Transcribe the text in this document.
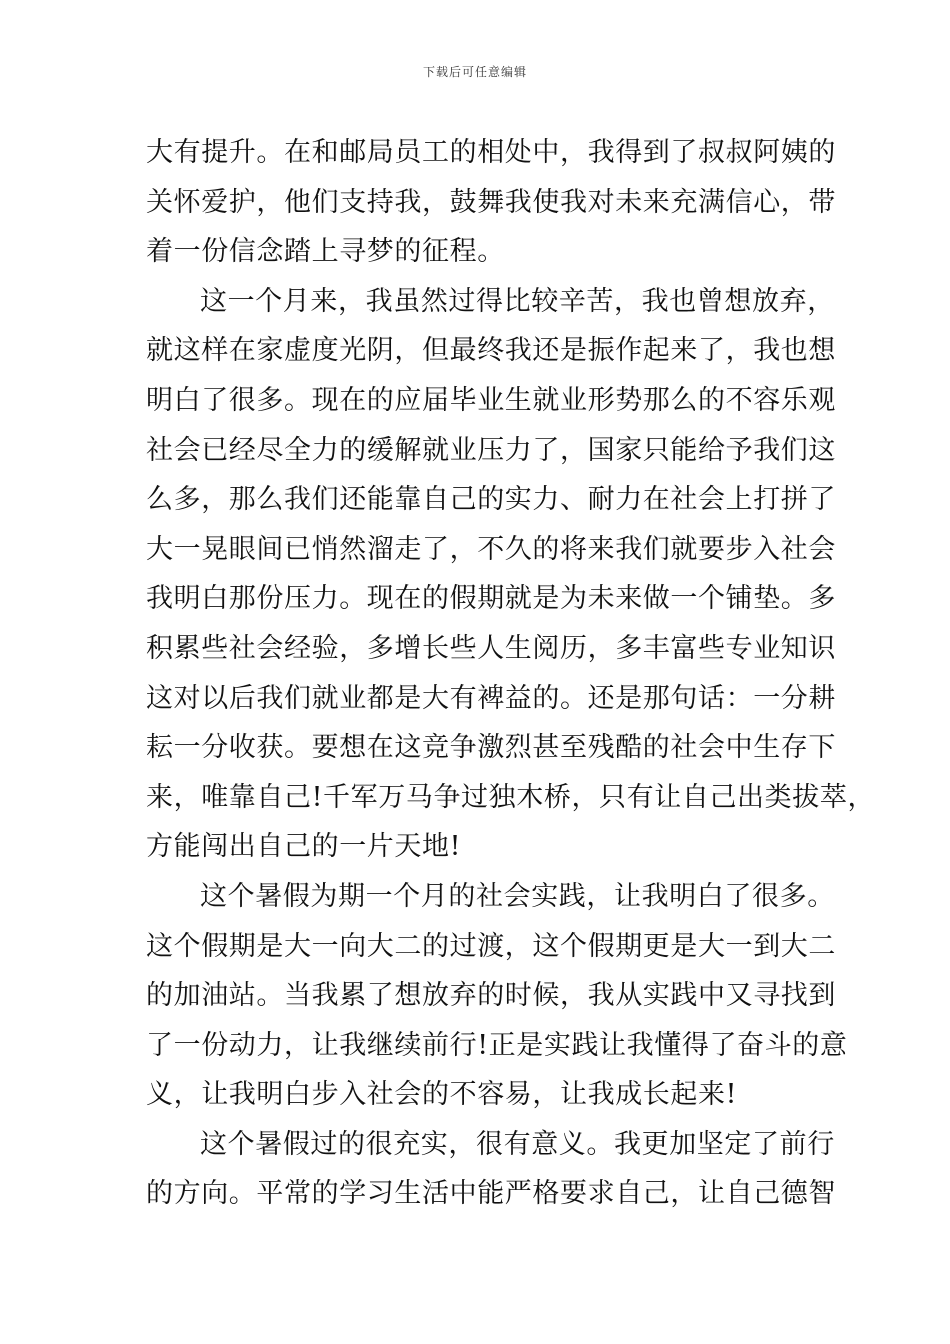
下载后可任意编辑
大有提升。在和邮局员工的相处中，我得到了叔叔阿姨的
关怀爱护，他们支持我，鼓舞我使我对未来充满信心，带
着一份信念踏上寻梦的征程。
这一个月来，我虽然过得比较辛苦，我也曾想放弃，
就这样在家虚度光阴，但最终我还是振作起来了，我也想
明白了很多。现在的应届毕业生就业形势那么的不容乐观
社会已经尽全力的缓解就业压力了，国家只能给予我们这
么多，那么我们还能靠自己的实力、耐力在社会上打拼了
大一晃眼间已悄然溜走了，不久的将来我们就要步入社会
我明白那份压力。现在的假期就是为未来做一个铺垫。多
积累些社会经验，多增长些人生阅历，多丰富些专业知识
这对以后我们就业都是大有裨益的。还是那句话：一分耕
耘一分收获。要想在这竞争激烈甚至残酷的社会中生存下
来，唯靠自己!千军万马争过独木桥，只有让自己出类拔萃，
方能闯出自己的一片天地!
这个暑假为期一个月的社会实践，让我明白了很多。
这个假期是大一向大二的过渡，这个假期更是大一到大二
的加油站。当我累了想放弃的时候，我从实践中又寻找到
了一份动力，让我继续前行!正是实践让我懂得了奋斗的意
义，让我明白步入社会的不容易，让我成长起来!
这个暑假过的很充实，很有意义。我更加坚定了前行
的方向。平常的学习生活中能严格要求自己，让自己德智
